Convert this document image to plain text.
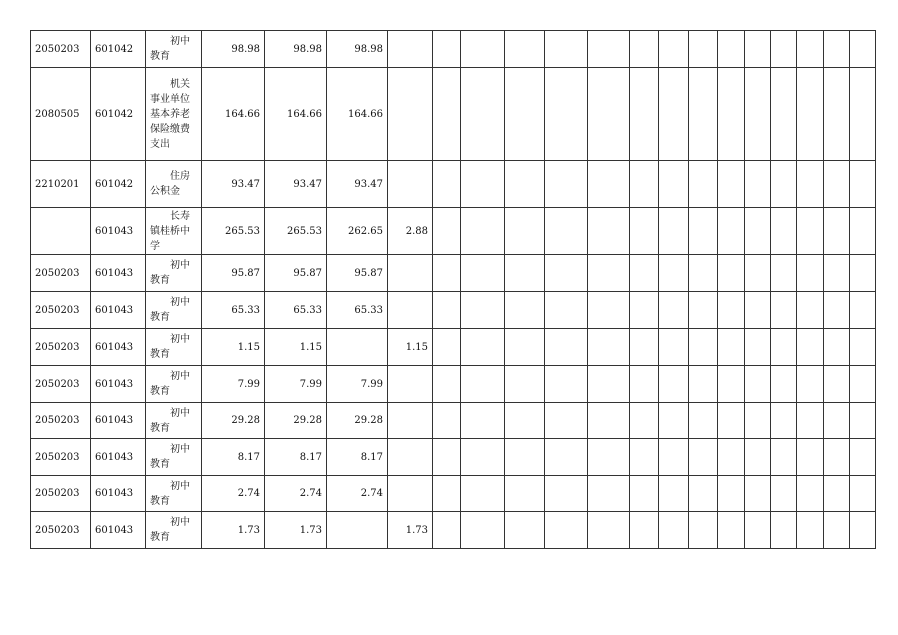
2050203	601042	初中教育	98.98	98.98	98.98															
2080505	601042	机关事业单位基本养老保险缴费支出	164.66	164.66	164.66															
2210201	601042	住房公积金	93.47	93.47	93.47															
	601043	长寿镇桂桥中学	265.53	265.53	262.65	2.88														
2050203	601043	初中教育	95.87	95.87	95.87															
2050203	601043	初中教育	65.33	65.33	65.33															
2050203	601043	初中教育	1.15	1.15		1.15														
2050203	601043	初中教育	7.99	7.99	7.99															
2050203	601043	初中教育	29.28	29.28	29.28															
2050203	601043	初中教育	8.17	8.17	8.17															
2050203	601043	初中教育	2.74	2.74	2.74															
2050203	601043	初中教育	1.73	1.73		1.73														
